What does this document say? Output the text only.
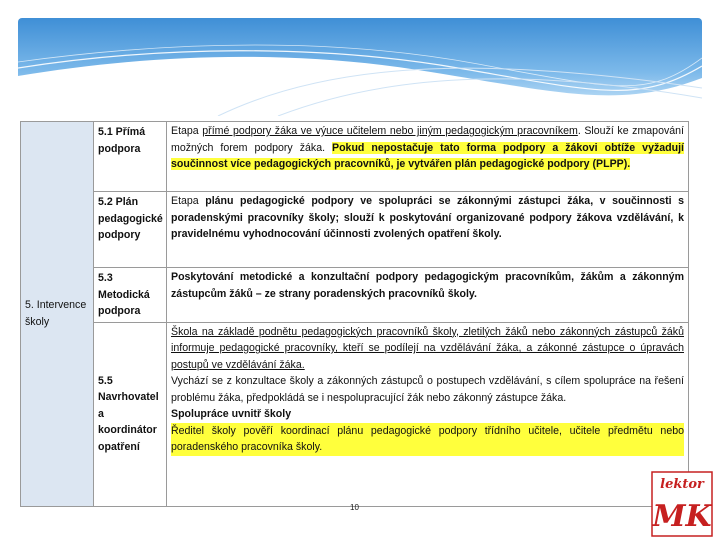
5. Intervence školy	5.1 Přímá podpora	Etapa přímé podpory žáka ve výuce učitelem nebo jiným pedagogickým pracovníkem. Slouží ke zmapování možných forem podpory žáka. Pokud nepostačuje tato forma podpory a žákovi obtíže vyžadují součinnost více pedagogických pracovníků, je vytvářen plán pedagogické podpory (PLPP).
	5.2 Plán pedagogické podpory	Etapa plánu pedagogické podpory ve spolupráci se zákonnými zástupci žáka, v součinnosti s poradenskými pracovníky školy; slouží k poskytování organizované podpory žákova vzdělávání, k pravidelnému vyhodnocování účinnosti zvolených opatření školy.
	5.3 Metodická podpora	Poskytování metodické a konzultační podpory pedagogickým pracovníkům, žákům a zákonným zástupcům žáků – ze strany poradenských pracovníků školy.
	5.5 Navrhovatel a koordinátor opatření	Škola na základě podnětu pedagogických pracovníků školy, zletilých žáků nebo zákonných zástupců žáků informuje pedagogické pracovníky, kteří se podílejí na vzdělávání žáka, a zákonné zástupce o úpravách postupů ve vzdělávání žáka.
Vychází se z konzultace školy a zákonných zástupců o postupech vzdělávání, s cílem spolupráce na řešení problému žáka, předpokládá se i nespolupracující žák nebo zákonný zástupce žáka.
Spolupráce uvnitř školy
Ředitel školy pověří koordinací plánu pedagogické podpory třídního učitele, učitele předmětu nebo poradenského pracovníka školy.
10
lektor
MK
